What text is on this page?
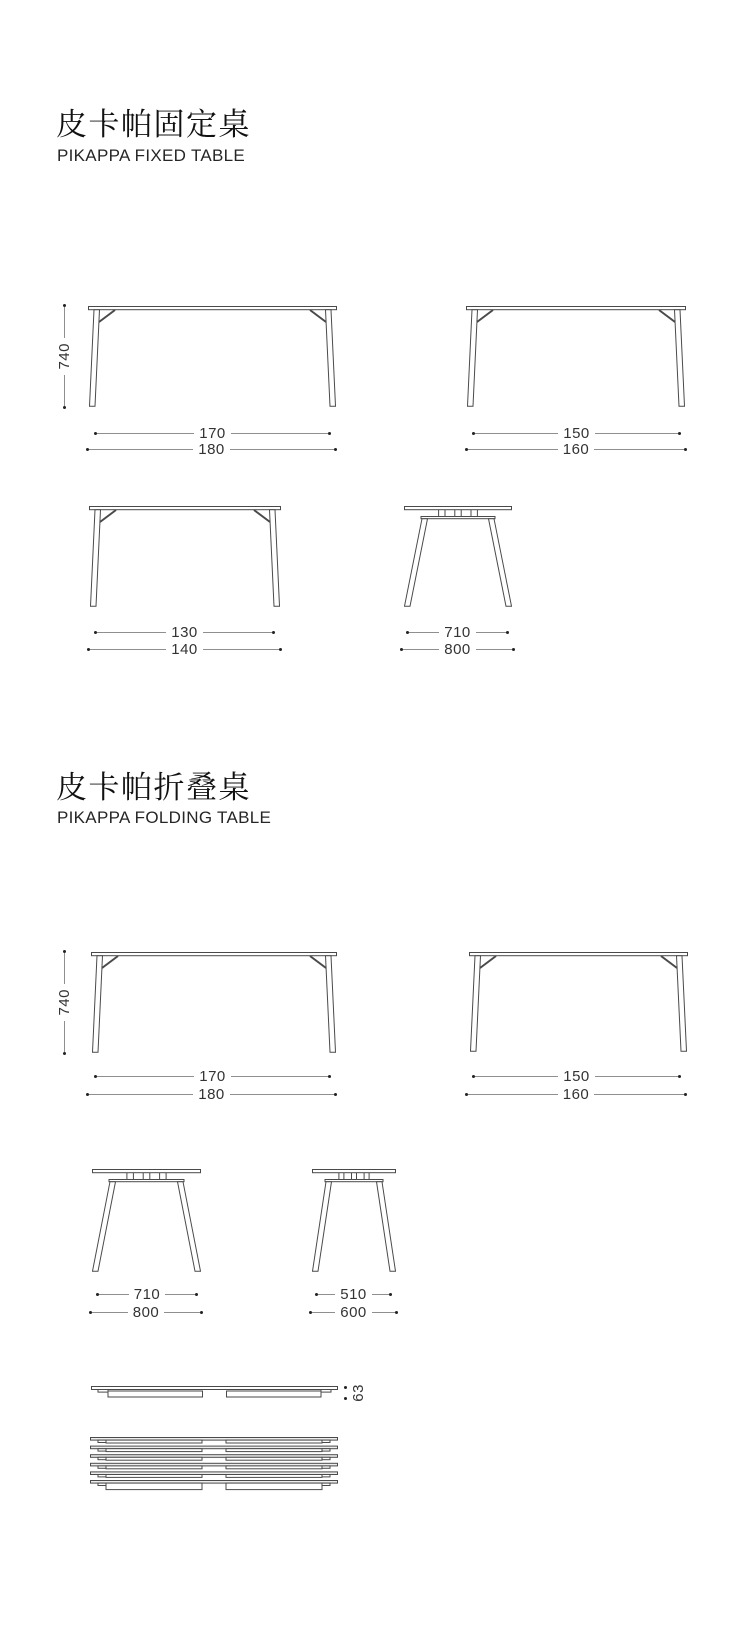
皮卡帕固定桌
PIKAPPA FIXED TABLE
740
170
180
150
160
130
140
710
800
皮卡帕折叠桌
PIKAPPA FOLDING TABLE
740
170
180
150
160
710
800
510
600
63
